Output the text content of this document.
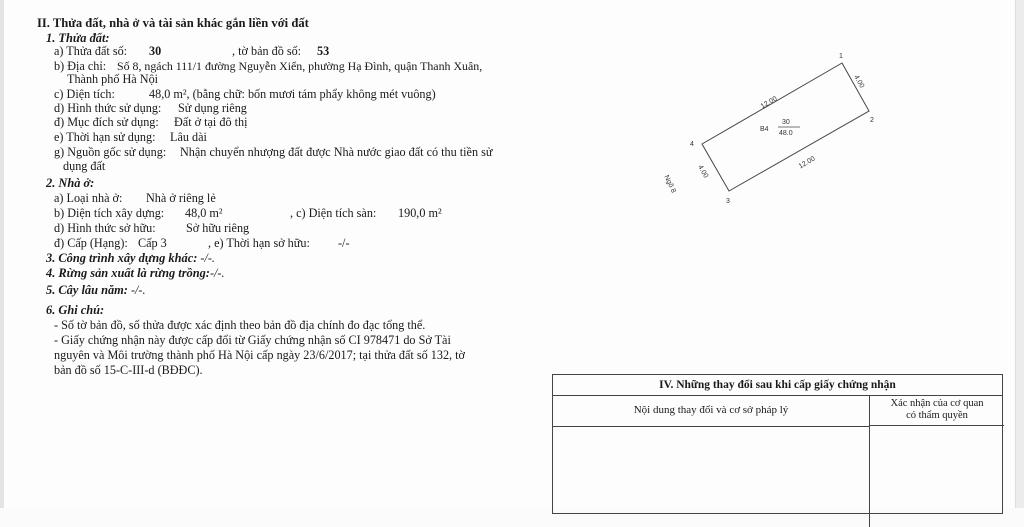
II. Thửa đất, nhà ở và tài sản khác gắn liền với đất
1. Thửa đất:
a) Thửa đất số: 30	, tờ bản đồ số: 53
b) Địa chỉ: Số 8, ngách 111/1 đường Nguyễn Xiển, phường Hạ Đình, quận Thanh Xuân,
Thành phố Hà Nội
c) Diện tích:	48,0 m², (bằng chữ: bốn mươi tám phẩy không mét vuông)
d) Hình thức sử dụng: Sử dụng riêng
đ) Mục đích sử dụng: Đất ở tại đô thị
e) Thời hạn sử dụng: Lâu dài
g) Nguồn gốc sử dụng: Nhận chuyển nhượng đất được Nhà nước giao đất có thu tiền sử
dụng đất
2. Nhà ở:
a) Loại nhà ở: Nhà ở riêng lẻ
b) Diện tích xây dựng: 48,0 m²	, c) Diện tích sàn: 190,0 m²
d) Hình thức sở hữu: Sở hữu riêng
đ) Cấp (Hạng): Cấp 3	, e) Thời hạn sở hữu: -/-
3. Công trình xây dựng khác: -/-.
4. Rừng sản xuất là rừng trồng:-/-.
5. Cây lâu năm: -/-.
6. Ghi chú:
- Số tờ bản đồ, số thửa được xác định theo bản đồ địa chính đo đạc tổng thể.
- Giấy chứng nhận này được cấp đổi từ Giấy chứng nhận số CI 978471 do Sở Tài
nguyên và Môi trường thành phố Hà Nội cấp ngày 23/6/2017; tại thửa đất số 132, tờ
bản đồ số 15-C-III-d (BĐĐC).
1
2
3
4
12.00
12.00
4.00
4.00
B4
30
48.0
Ngõ 8
IV. Những thay đổi sau khi cấp giấy chứng nhận
Nội dung thay đổi và cơ sở pháp lý
Xác nhận của cơ quan
có thẩm quyền
